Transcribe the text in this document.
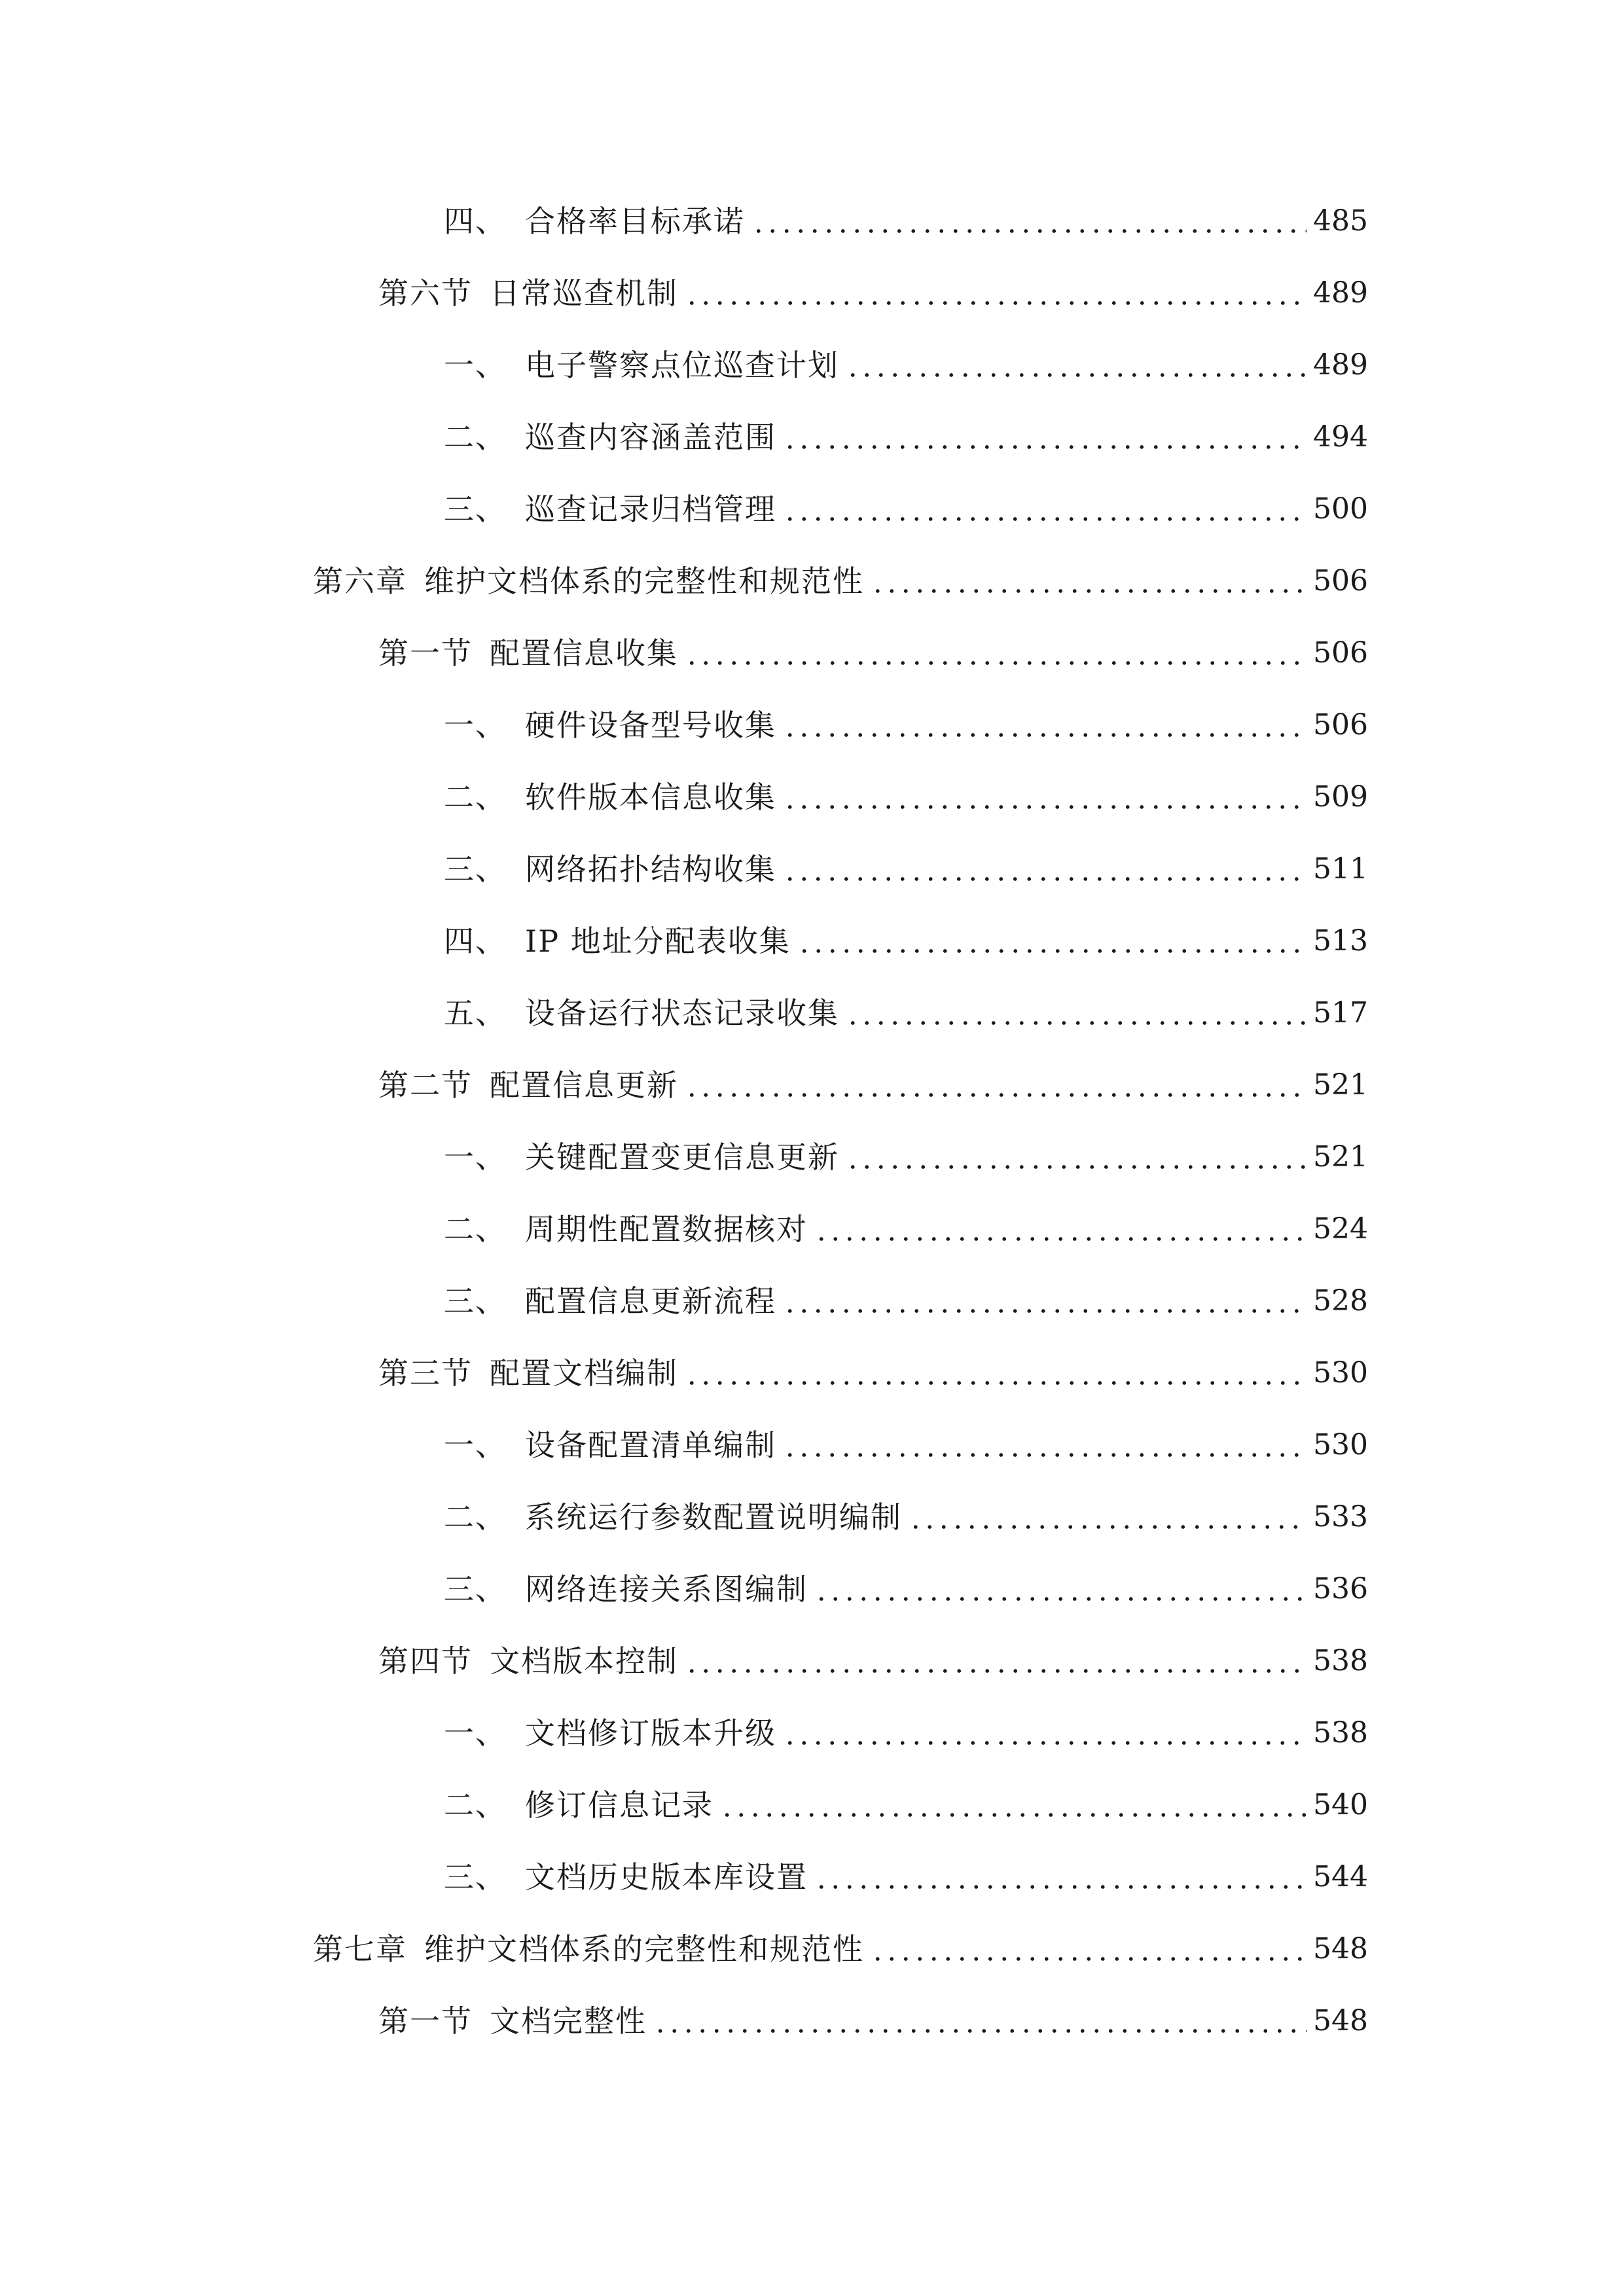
四、 合格率目标承诺	485
第六节 日常巡查机制	489
一、 电子警察点位巡查计划	489
二、 巡查内容涵盖范围	494
三、 巡查记录归档管理	500
第六章 维护文档体系的完整性和规范性	506
第一节 配置信息收集	506
一、 硬件设备型号收集	506
二、 软件版本信息收集	509
三、 网络拓扑结构收集	511
四、 IP 地址分配表收集	513
五、 设备运行状态记录收集	517
第二节 配置信息更新	521
一、 关键配置变更信息更新	521
二、 周期性配置数据核对	524
三、 配置信息更新流程	528
第三节 配置文档编制	530
一、 设备配置清单编制	530
二、 系统运行参数配置说明编制	533
三、 网络连接关系图编制	536
第四节 文档版本控制	538
一、 文档修订版本升级	538
二、 修订信息记录	540
三、 文档历史版本库设置	544
第七章 维护文档体系的完整性和规范性	548
第一节 文档完整性	548
